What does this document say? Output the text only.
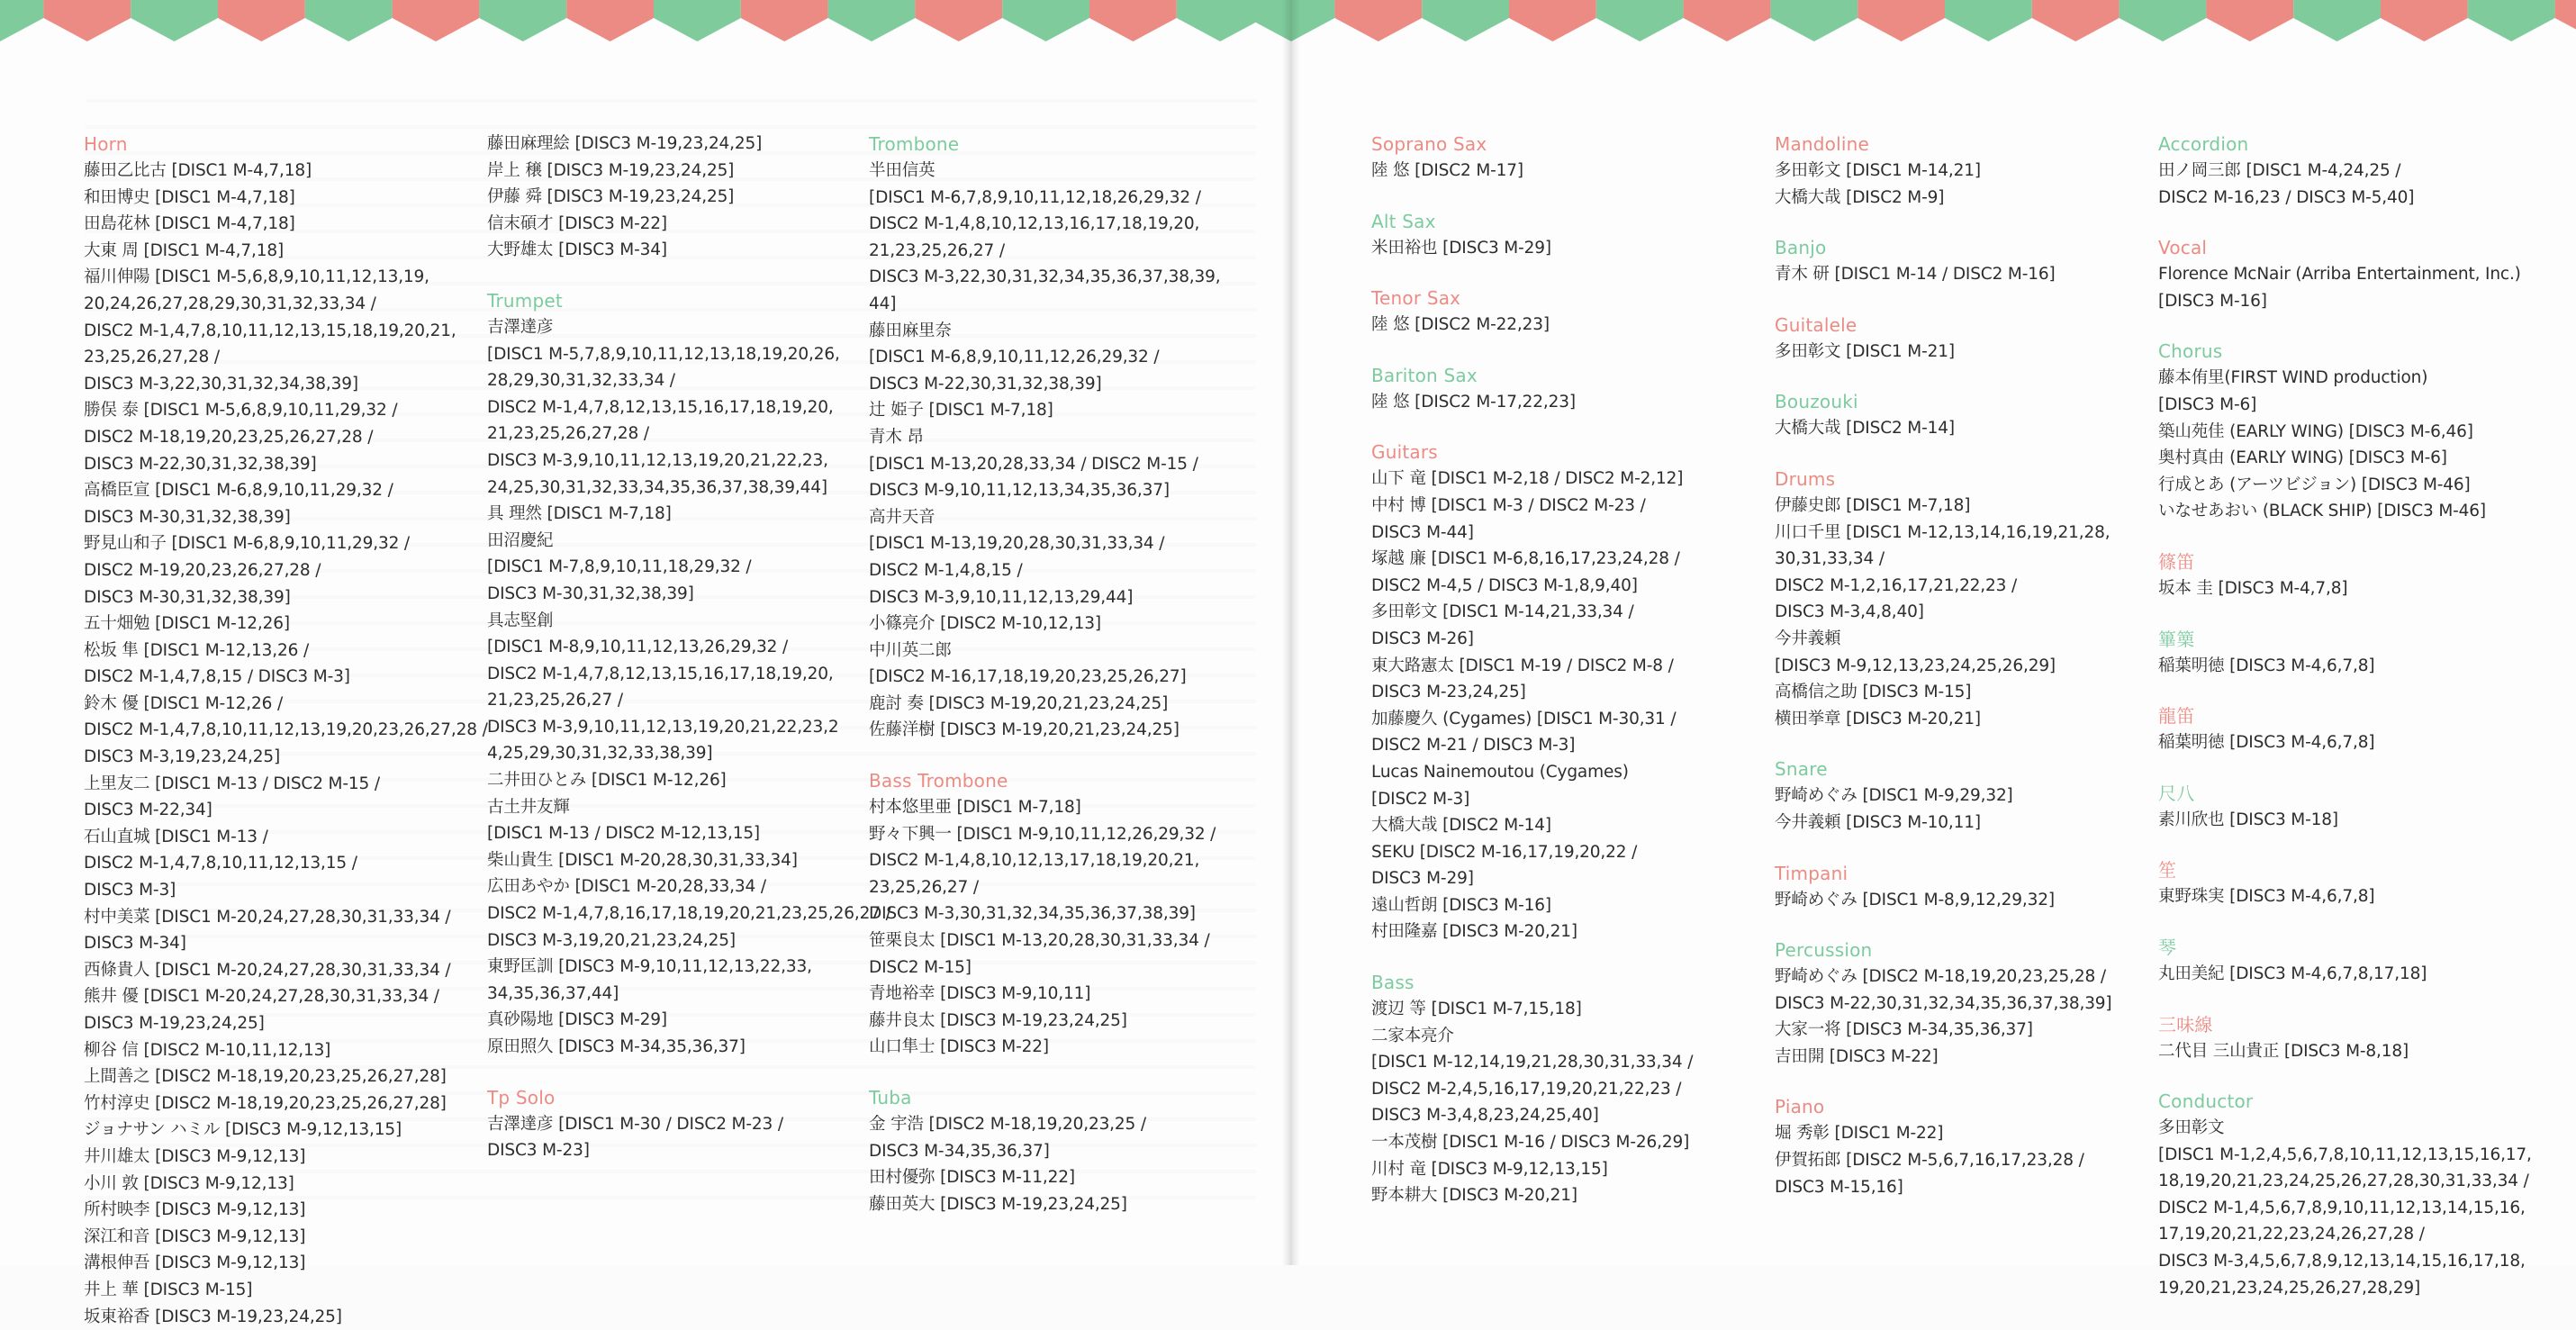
Horn
藤田乙比古 [DISC1 M-4,7,18]
和田博史 [DISC1 M-4,7,18]
田島花林 [DISC1 M-4,7,18]
大東 周 [DISC1 M-4,7,18]
福川伸陽 [DISC1 M-5,6,8,9,10,11,12,13,19,
20,24,26,27,28,29,30,31,32,33,34 /
DISC2 M-1,4,7,8,10,11,12,13,15,18,19,20,21,
23,25,26,27,28 /
DISC3 M-3,22,30,31,32,34,38,39]
勝俣 泰 [DISC1 M-5,6,8,9,10,11,29,32 /
DISC2 M-18,19,20,23,25,26,27,28 /
DISC3 M-22,30,31,32,38,39]
高橋臣宣 [DISC1 M-6,8,9,10,11,29,32 /
DISC3 M-30,31,32,38,39]
野見山和子 [DISC1 M-6,8,9,10,11,29,32 /
DISC2 M-19,20,23,26,27,28 /
DISC3 M-30,31,32,38,39]
五十畑勉 [DISC1 M-12,26]
松坂 隼 [DISC1 M-12,13,26 /
DISC2 M-1,4,7,8,15 / DISC3 M-3]
鈴木 優 [DISC1 M-12,26 /
DISC2 M-1,4,7,8,10,11,12,13,19,20,23,26,27,28 /
DISC3 M-3,19,23,24,25]
上里友二 [DISC1 M-13 / DISC2 M-15 /
DISC3 M-22,34]
石山直城 [DISC1 M-13 /
DISC2 M-1,4,7,8,10,11,12,13,15 /
DISC3 M-3]
村中美菜 [DISC1 M-20,24,27,28,30,31,33,34 /
DISC3 M-34]
西條貴人 [DISC1 M-20,24,27,28,30,31,33,34 /
熊井 優 [DISC1 M-20,24,27,28,30,31,33,34 /
DISC3 M-19,23,24,25]
柳谷 信 [DISC2 M-10,11,12,13]
上間善之 [DISC2 M-18,19,20,23,25,26,27,28]
竹村淳史 [DISC2 M-18,19,20,23,25,26,27,28]
ジョナサン ハミル [DISC3 M-9,12,13,15]
井川雄太 [DISC3 M-9,12,13]
小川 敦 [DISC3 M-9,12,13]
所村映李 [DISC3 M-9,12,13]
深江和音 [DISC3 M-9,12,13]
溝根伸吾 [DISC3 M-9,12,13]
井上 華 [DISC3 M-15]
坂東裕香 [DISC3 M-19,23,24,25]
藤田麻理絵 [DISC3 M-19,23,24,25]
岸上 穣 [DISC3 M-19,23,24,25]
伊藤 舜 [DISC3 M-19,23,24,25]
信末碩才 [DISC3 M-22]
大野雄太 [DISC3 M-34]
Trumpet
吉澤達彦
[DISC1 M-5,7,8,9,10,11,12,13,18,19,20,26,
28,29,30,31,32,33,34 /
DISC2 M-1,4,7,8,12,13,15,16,17,18,19,20,
21,23,25,26,27,28 /
DISC3 M-3,9,10,11,12,13,19,20,21,22,23,
24,25,30,31,32,33,34,35,36,37,38,39,44]
具 理然 [DISC1 M-7,18]
田沼慶紀
[DISC1 M-7,8,9,10,11,18,29,32 /
DISC3 M-30,31,32,38,39]
具志堅創
[DISC1 M-8,9,10,11,12,13,26,29,32 /
DISC2 M-1,4,7,8,12,13,15,16,17,18,19,20,
21,23,25,26,27 /
DISC3 M-3,9,10,11,12,13,19,20,21,22,23,2
4,25,29,30,31,32,33,38,39]
二井田ひとみ [DISC1 M-12,26]
古土井友輝
[DISC1 M-13 / DISC2 M-12,13,15]
柴山貴生 [DISC1 M-20,28,30,31,33,34]
広田あやか [DISC1 M-20,28,33,34 /
DISC2 M-1,4,7,8,16,17,18,19,20,21,23,25,26,27 /
DISC3 M-3,19,20,21,23,24,25]
東野匡訓 [DISC3 M-9,10,11,12,13,22,33,
34,35,36,37,44]
真砂陽地 [DISC3 M-29]
原田照久 [DISC3 M-34,35,36,37]
Tp Solo
吉澤達彦 [DISC1 M-30 / DISC2 M-23 /
DISC3 M-23]
Trombone
半田信英
[DISC1 M-6,7,8,9,10,11,12,18,26,29,32 /
DISC2 M-1,4,8,10,12,13,16,17,18,19,20,
21,23,25,26,27 /
DISC3 M-3,22,30,31,32,34,35,36,37,38,39,
44]
藤田麻里奈
[DISC1 M-6,8,9,10,11,12,26,29,32 /
DISC3 M-22,30,31,32,38,39]
辻 姫子 [DISC1 M-7,18]
青木 昂
[DISC1 M-13,20,28,33,34 / DISC2 M-15 /
DISC3 M-9,10,11,12,13,34,35,36,37]
高井天音
[DISC1 M-13,19,20,28,30,31,33,34 /
DISC2 M-1,4,8,15 /
DISC3 M-3,9,10,11,12,13,29,44]
小篠亮介 [DISC2 M-10,12,13]
中川英二郎
[DISC2 M-16,17,18,19,20,23,25,26,27]
鹿討 奏 [DISC3 M-19,20,21,23,24,25]
佐藤洋樹 [DISC3 M-19,20,21,23,24,25]
Bass Trombone
村本悠里亜 [DISC1 M-7,18]
野々下興一 [DISC1 M-9,10,11,12,26,29,32 /
DISC2 M-1,4,8,10,12,13,17,18,19,20,21,
23,25,26,27 /
DISC3 M-3,30,31,32,34,35,36,37,38,39]
笹栗良太 [DISC1 M-13,20,28,30,31,33,34 /
DISC2 M-15]
青地裕幸 [DISC3 M-9,10,11]
藤井良太 [DISC3 M-19,23,24,25]
山口隼士 [DISC3 M-22]
Tuba
金 宇浩 [DISC2 M-18,19,20,23,25 /
DISC3 M-34,35,36,37]
田村優弥 [DISC3 M-11,22]
藤田英大 [DISC3 M-19,23,24,25]
Soprano Sax
陸 悠 [DISC2 M-17]
Alt Sax
米田裕也 [DISC3 M-29]
Tenor Sax
陸 悠 [DISC2 M-22,23]
Bariton Sax
陸 悠 [DISC2 M-17,22,23]
Guitars
山下 竜 [DISC1 M-2,18 / DISC2 M-2,12]
中村 博 [DISC1 M-3 / DISC2 M-23 /
DISC3 M-44]
塚越 廉 [DISC1 M-6,8,16,17,23,24,28 /
DISC2 M-4,5 / DISC3 M-1,8,9,40]
多田彰文 [DISC1 M-14,21,33,34 /
DISC3 M-26]
東大路憲太 [DISC1 M-19 / DISC2 M-8 /
DISC3 M-23,24,25]
加藤慶久 (Cygames) [DISC1 M-30,31 /
DISC2 M-21 / DISC3 M-3]
Lucas Nainemoutou (Cygames)
[DISC2 M-3]
大橋大哉 [DISC2 M-14]
SEKU [DISC2 M-16,17,19,20,22 /
DISC3 M-29]
遠山哲朗 [DISC3 M-16]
村田隆嘉 [DISC3 M-20,21]
Bass
渡辺 等 [DISC1 M-7,15,18]
二家本亮介
[DISC1 M-12,14,19,21,28,30,31,33,34 /
DISC2 M-2,4,5,16,17,19,20,21,22,23 /
DISC3 M-3,4,8,23,24,25,40]
一本茂樹 [DISC1 M-16 / DISC3 M-26,29]
川村 竜 [DISC3 M-9,12,13,15]
野本耕大 [DISC3 M-20,21]
Mandoline
多田彰文 [DISC1 M-14,21]
大橋大哉 [DISC2 M-9]
Banjo
青木 研 [DISC1 M-14 / DISC2 M-16]
Guitalele
多田彰文 [DISC1 M-21]
Bouzouki
大橋大哉 [DISC2 M-14]
Drums
伊藤史郎 [DISC1 M-7,18]
川口千里 [DISC1 M-12,13,14,16,19,21,28,
30,31,33,34 /
DISC2 M-1,2,16,17,21,22,23 /
DISC3 M-3,4,8,40]
今井義頼
[DISC3 M-9,12,13,23,24,25,26,29]
高橋信之助 [DISC3 M-15]
横田挙章 [DISC3 M-20,21]
Snare
野崎めぐみ [DISC1 M-9,29,32]
今井義頼 [DISC3 M-10,11]
Timpani
野崎めぐみ [DISC1 M-8,9,12,29,32]
Percussion
野崎めぐみ [DISC2 M-18,19,20,23,25,28 /
DISC3 M-22,30,31,32,34,35,36,37,38,39]
大家一将 [DISC3 M-34,35,36,37]
吉田開 [DISC3 M-22]
Piano
堀 秀彰 [DISC1 M-22]
伊賀拓郎 [DISC2 M-5,6,7,16,17,23,28 /
DISC3 M-15,16]
Accordion
田ノ岡三郎 [DISC1 M-4,24,25 /
DISC2 M-16,23 / DISC3 M-5,40]
Vocal
Florence McNair (Arriba Entertainment, Inc.)
[DISC3 M-16]
Chorus
藤本侑里(FIRST WIND production)
[DISC3 M-6]
築山苑佳 (EARLY WING) [DISC3 M-6,46]
奥村真由 (EARLY WING) [DISC3 M-6]
行成とあ (アーツビジョン) [DISC3 M-46]
いなせあおい (BLACK SHIP) [DISC3 M-46]
篠笛
坂本 圭 [DISC3 M-4,7,8]
篳篥
稲葉明徳 [DISC3 M-4,6,7,8]
龍笛
稲葉明徳 [DISC3 M-4,6,7,8]
尺八
素川欣也 [DISC3 M-18]
笙
東野珠実 [DISC3 M-4,6,7,8]
琴
丸田美紀 [DISC3 M-4,6,7,8,17,18]
三味線
二代目 三山貴正 [DISC3 M-8,18]
Conductor
多田彰文
[DISC1 M-1,2,4,5,6,7,8,10,11,12,13,15,16,17,
18,19,20,21,23,24,25,26,27,28,30,31,33,34 /
DISC2 M-1,4,5,6,7,8,9,10,11,12,13,14,15,16,
17,19,20,21,22,23,24,26,27,28 /
DISC3 M-3,4,5,6,7,8,9,12,13,14,15,16,17,18,
19,20,21,23,24,25,26,27,28,29]
